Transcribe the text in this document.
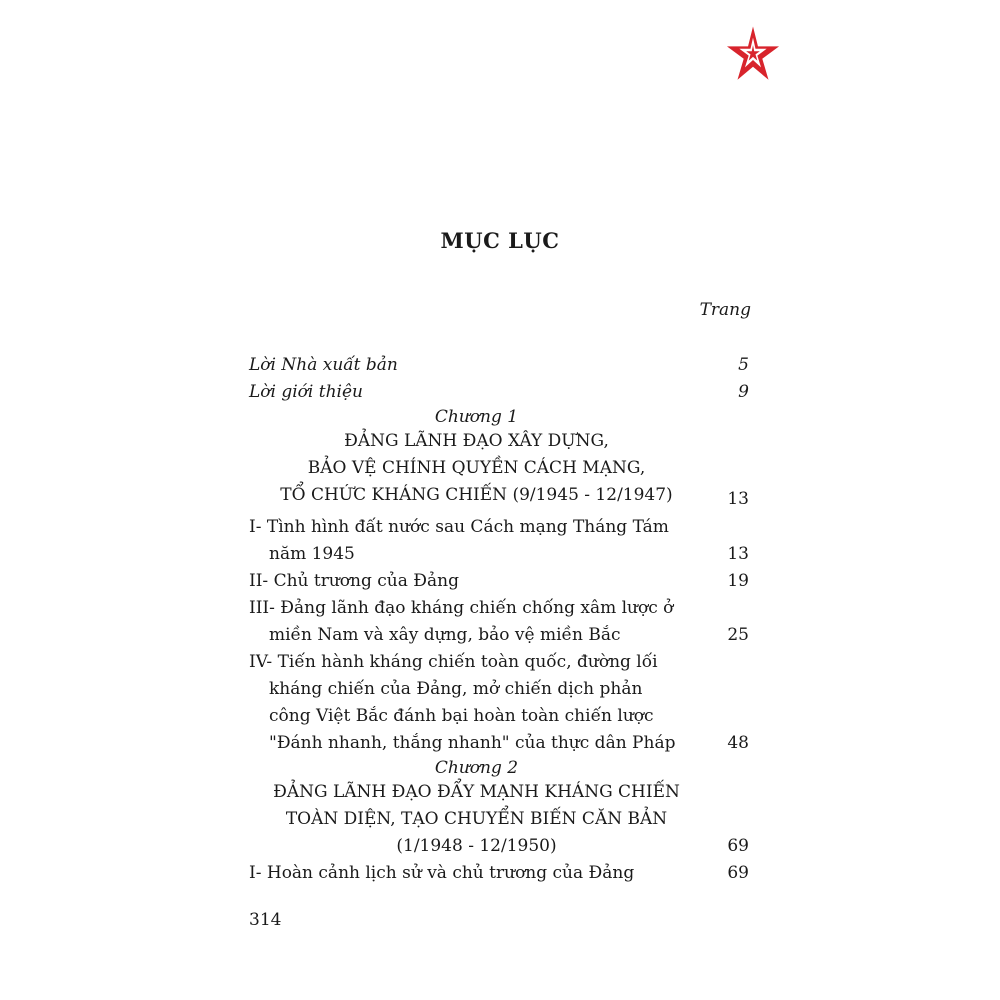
MỤC LỤC
Trang
Lời Nhà xuất bản	5
Lời giới thiệu	9
Chương 1
ĐẢNG LÃNH ĐẠO XÂY DỰNG,
BẢO VỆ CHÍNH QUYỀN CÁCH MẠNG,
TỔ CHỨC KHÁNG CHIẾN (9/1945 - 12/1947)	13
I- Tình hình đất nước sau Cách mạng Tháng Tám
năm 1945	13
II- Chủ trương của Đảng	19
III- Đảng lãnh đạo kháng chiến chống xâm lược ở
miền Nam và xây dựng, bảo vệ miền Bắc	25
IV- Tiến hành kháng chiến toàn quốc, đường lối
kháng chiến của Đảng, mở chiến dịch phản
công Việt Bắc đánh bại hoàn toàn chiến lược
"Đánh nhanh, thắng nhanh" của thực dân Pháp	48
Chương 2
ĐẢNG LÃNH ĐẠO ĐẨY MẠNH KHÁNG CHIẾN
TOÀN DIỆN, TẠO CHUYỂN BIẾN CĂN BẢN
(1/1948 - 12/1950)	69
I- Hoàn cảnh lịch sử và chủ trương của Đảng	69
314
